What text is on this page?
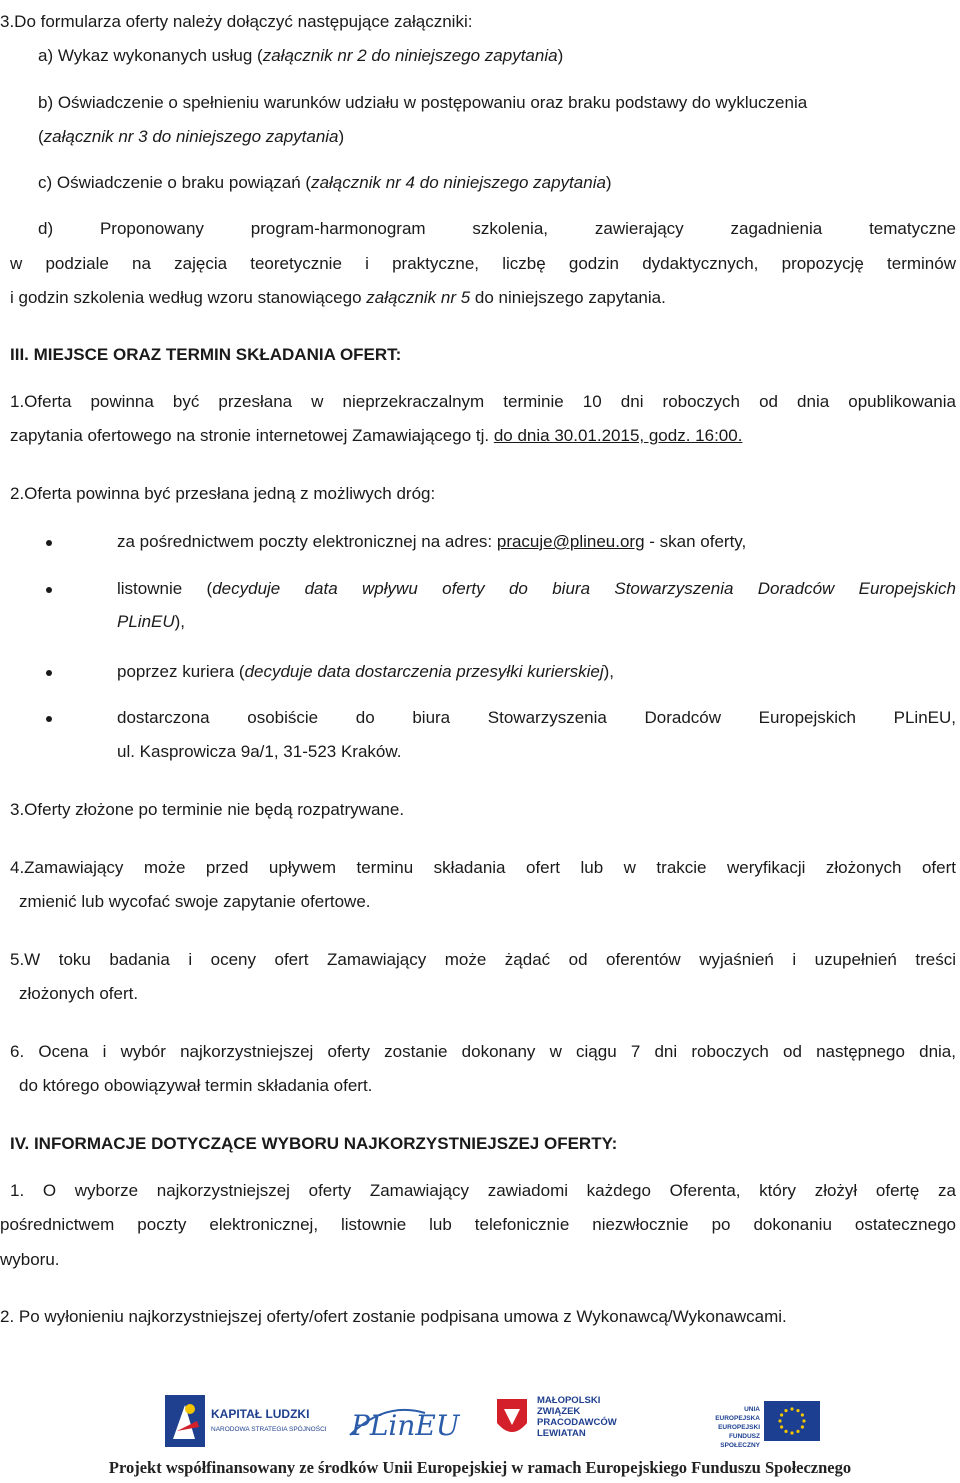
3.Do formularza oferty należy dołączyć następujące załączniki:
a) Wykaz wykonanych usług (załącznik nr 2 do niniejszego zapytania)
b) Oświadczenie o spełnieniu warunków udziału w postępowaniu oraz braku podstawy do wykluczenia
(załącznik nr 3 do niniejszego zapytania)
c) Oświadczenie o braku powiązań (załącznik nr 4 do niniejszego zapytania)
d) Proponowany program-harmonogram szkolenia, zawierający zagadnienia tematyczne
w podziale na zajęcia teoretycznie i praktyczne, liczbę godzin dydaktycznych, propozycję terminów
i godzin szkolenia według wzoru stanowiącego załącznik nr 5 do niniejszego zapytania.
III. MIEJSCE ORAZ TERMIN SKŁADANIA OFERT:
1.Oferta powinna być przesłana w nieprzekraczalnym terminie 10 dni roboczych od dnia opublikowania
zapytania ofertowego na stronie internetowej Zamawiającego tj. do dnia 30.01.2015, godz. 16:00.
2.Oferta powinna być przesłana jedną z możliwych dróg:
za pośrednictwem poczty elektronicznej na adres: pracuje@plineu.org - skan oferty,
listownie (decyduje data wpływu oferty do biura Stowarzyszenia Doradców Europejskich
PLinEU),
poprzez kuriera (decyduje data dostarczenia przesyłki kurierskiej),
dostarczona osobiście do biura Stowarzyszenia Doradców Europejskich PLinEU,
ul. Kasprowicza 9a/1, 31-523 Kraków.
3.Oferty złożone po terminie nie będą rozpatrywane.
4.Zamawiający może przed upływem terminu składania ofert lub w trakcie weryfikacji złożonych ofert
zmienić lub wycofać swoje zapytanie ofertowe.
5.W toku badania i oceny ofert Zamawiający może żądać od oferentów wyjaśnień i uzupełnień treści
złożonych ofert.
6. Ocena i wybór najkorzystniejszej oferty zostanie dokonany w ciągu 7 dni roboczych od następnego dnia,
do którego obowiązywał termin składania ofert.
IV. INFORMACJE DOTYCZĄCE WYBORU NAJKORZYSTNIEJSZEJ OFERTY:
1. O wyborze najkorzystniejszej oferty Zamawiający zawiadomi każdego Oferenta, który złożył ofertę za
pośrednictwem poczty elektronicznej, listownie lub telefonicznie niezwłocznie po dokonaniu ostatecznego
wyboru.
2. Po wyłonieniu najkorzystniejszej oferty/ofert zostanie podpisana umowa z Wykonawcą/Wykonawcami.
KAPITAŁ LUDZKI
NARODOWA STRATEGIA SPÓJNOŚCI PLinEU
MAŁOPOLSKI
ZWIĄZEK
PRACODAWCÓW
LEWIATAN
UNIA EUROPEJSKA
EUROPEJSKI
FUNDUSZ SPOŁECZNY
Projekt współfinansowany ze środków Unii Europejskiej w ramach Europejskiego Funduszu Społecznego
